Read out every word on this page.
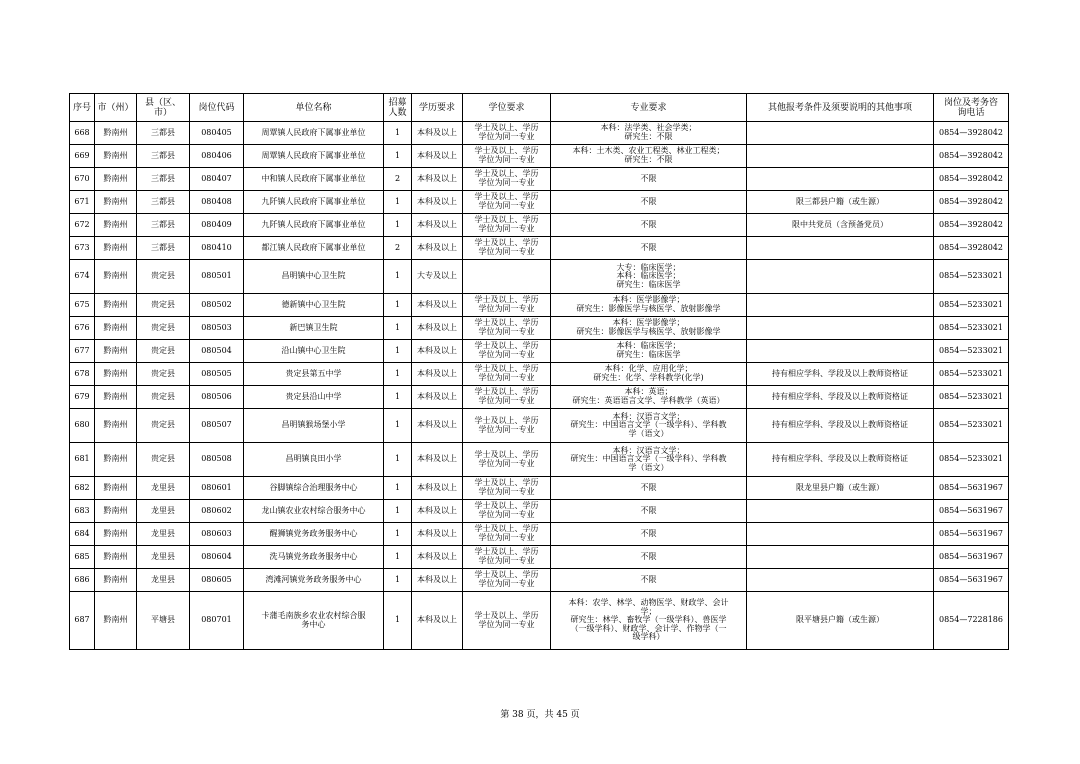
序号	市（州）	县（区、
市）	岗位代码	单位名称	招募
人数	学历要求	学位要求	专业要求	其他报考条件及须要说明的其他事项	岗位及考务咨
询电话
668	黔南州	三都县	080405	周覃镇人民政府下属事业单位	1	本科及以上	学士及以上、学历
学位为同一专业	本科：法学类、社会学类；
研究生：不限		0854—3928042
669	黔南州	三都县	080406	周覃镇人民政府下属事业单位	1	本科及以上	学士及以上、学历
学位为同一专业	本科：土木类、农业工程类、林业工程类；
研究生：不限		0854—3928042
670	黔南州	三都县	080407	中和镇人民政府下属事业单位	2	本科及以上	学士及以上、学历
学位为同一专业	不限		0854—3928042
671	黔南州	三都县	080408	九阡镇人民政府下属事业单位	1	本科及以上	学士及以上、学历
学位为同一专业	不限	限三都县户籍（或生源）	0854—3928042
672	黔南州	三都县	080409	九阡镇人民政府下属事业单位	1	本科及以上	学士及以上、学历
学位为同一专业	不限	限中共党员（含预备党员）	0854—3928042
673	黔南州	三都县	080410	都江镇人民政府下属事业单位	2	本科及以上	学士及以上、学历
学位为同一专业	不限		0854—3928042
674	黔南州	贵定县	080501	昌明镇中心卫生院	1	大专及以上		大专：临床医学；
本科：临床医学；
研究生：临床医学		0854—5233021
675	黔南州	贵定县	080502	德新镇中心卫生院	1	本科及以上	学士及以上、学历
学位为同一专业	本科：医学影像学；
研究生：影像医学与核医学、放射影像学		0854—5233021
676	黔南州	贵定县	080503	新巴镇卫生院	1	本科及以上	学士及以上、学历
学位为同一专业	本科：医学影像学；
研究生：影像医学与核医学、放射影像学		0854—5233021
677	黔南州	贵定县	080504	沿山镇中心卫生院	1	本科及以上	学士及以上、学历
学位为同一专业	本科：临床医学；
研究生：临床医学		0854—5233021
678	黔南州	贵定县	080505	贵定县第五中学	1	本科及以上	学士及以上、学历
学位为同一专业	本科：化学、应用化学；
研究生：化学、学科教学(化学)	持有相应学科、学段及以上教师资格证	0854—5233021
679	黔南州	贵定县	080506	贵定县沿山中学	1	本科及以上	学士及以上、学历
学位为同一专业	本科：英语；
研究生：英语语言文学、学科教学（英语）	持有相应学科、学段及以上教师资格证	0854—5233021
680	黔南州	贵定县	080507	昌明镇猴场堡小学	1	本科及以上	学士及以上、学历
学位为同一专业	本科：汉语言文学；
研究生：中国语言文学（一级学科）、学科教
学（语文）	持有相应学科、学段及以上教师资格证	0854—5233021
681	黔南州	贵定县	080508	昌明镇良田小学	1	本科及以上	学士及以上、学历
学位为同一专业	本科：汉语言文学；
研究生：中国语言文学（一级学科）、学科教
学（语文）	持有相应学科、学段及以上教师资格证	0854—5233021
682	黔南州	龙里县	080601	谷脚镇综合治理服务中心	1	本科及以上	学士及以上、学历
学位为同一专业	不限	限龙里县户籍（或生源）	0854—5631967
683	黔南州	龙里县	080602	龙山镇农业农村综合服务中心	1	本科及以上	学士及以上、学历
学位为同一专业	不限		0854—5631967
684	黔南州	龙里县	080603	醒狮镇党务政务服务中心	1	本科及以上	学士及以上、学历
学位为同一专业	不限		0854—5631967
685	黔南州	龙里县	080604	洗马镇党务政务服务中心	1	本科及以上	学士及以上、学历
学位为同一专业	不限		0854—5631967
686	黔南州	龙里县	080605	湾滩河镇党务政务服务中心	1	本科及以上	学士及以上、学历
学位为同一专业	不限		0854—5631967
687	黔南州	平塘县	080701	卡蒲毛南族乡农业农村综合服
务中心	1	本科及以上	学士及以上、学历
学位为同一专业	本科：农学、林学、动物医学、财政学、会计
学；
研究生：林学、畜牧学（一级学科）、兽医学
（一级学科）、财政学、会计学、作物学（一
级学科）	限平塘县户籍（或生源）	0854—7228186
第 38 页，共 45 页
